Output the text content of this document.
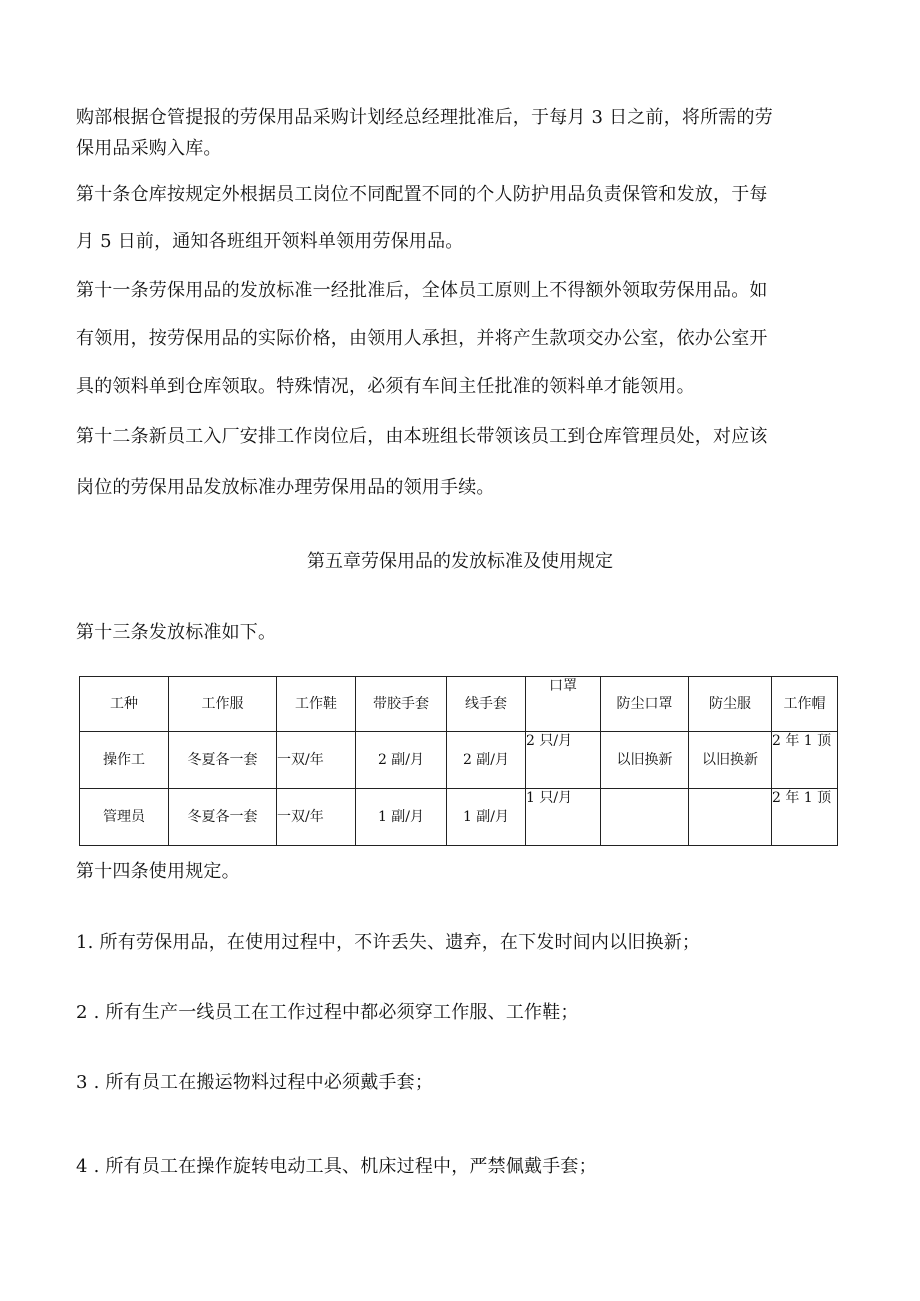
购部根据仓管提报的劳保用品采购计划经总经理批准后，于每月 3 日之前，将所需的劳
保用品采购入库。
第十条仓库按规定外根据员工岗位不同配置不同的个人防护用品负责保管和发放，于每
月 5 日前，通知各班组开领料单领用劳保用品。
第十一条劳保用品的发放标准一经批准后，全体员工原则上不得额外领取劳保用品。如
有领用，按劳保用品的实际价格，由领用人承担，并将产生款项交办公室，依办公室开
具的领料单到仓库领取。特殊情况，必须有车间主任批准的领料单才能领用。
第十二条新员工入厂安排工作岗位后，由本班组长带领该员工到仓库管理员处，对应该
岗位的劳保用品发放标准办理劳保用品的领用手续。
第五章劳保用品的发放标准及使用规定
第十三条发放标准如下。
工种	工作服	工作鞋	带胶手套	线手套	口罩	防尘口罩	防尘服	工作帽
操作工	冬夏各一套	一双/年	2 副/月	2 副/月	2 只/月	以旧换新	以旧换新	2 年 1 顶
管理员	冬夏各一套	一双/年	1 副/月	1 副/月	1 只/月			2 年 1 顶
第十四条使用规定。
1. 所有劳保用品，在使用过程中，不许丢失、遗弃，在下发时间内以旧换新；
2 . 所有生产一线员工在工作过程中都必须穿工作服、工作鞋；
3 . 所有员工在搬运物料过程中必须戴手套；
4 . 所有员工在操作旋转电动工具、机床过程中，严禁佩戴手套；
